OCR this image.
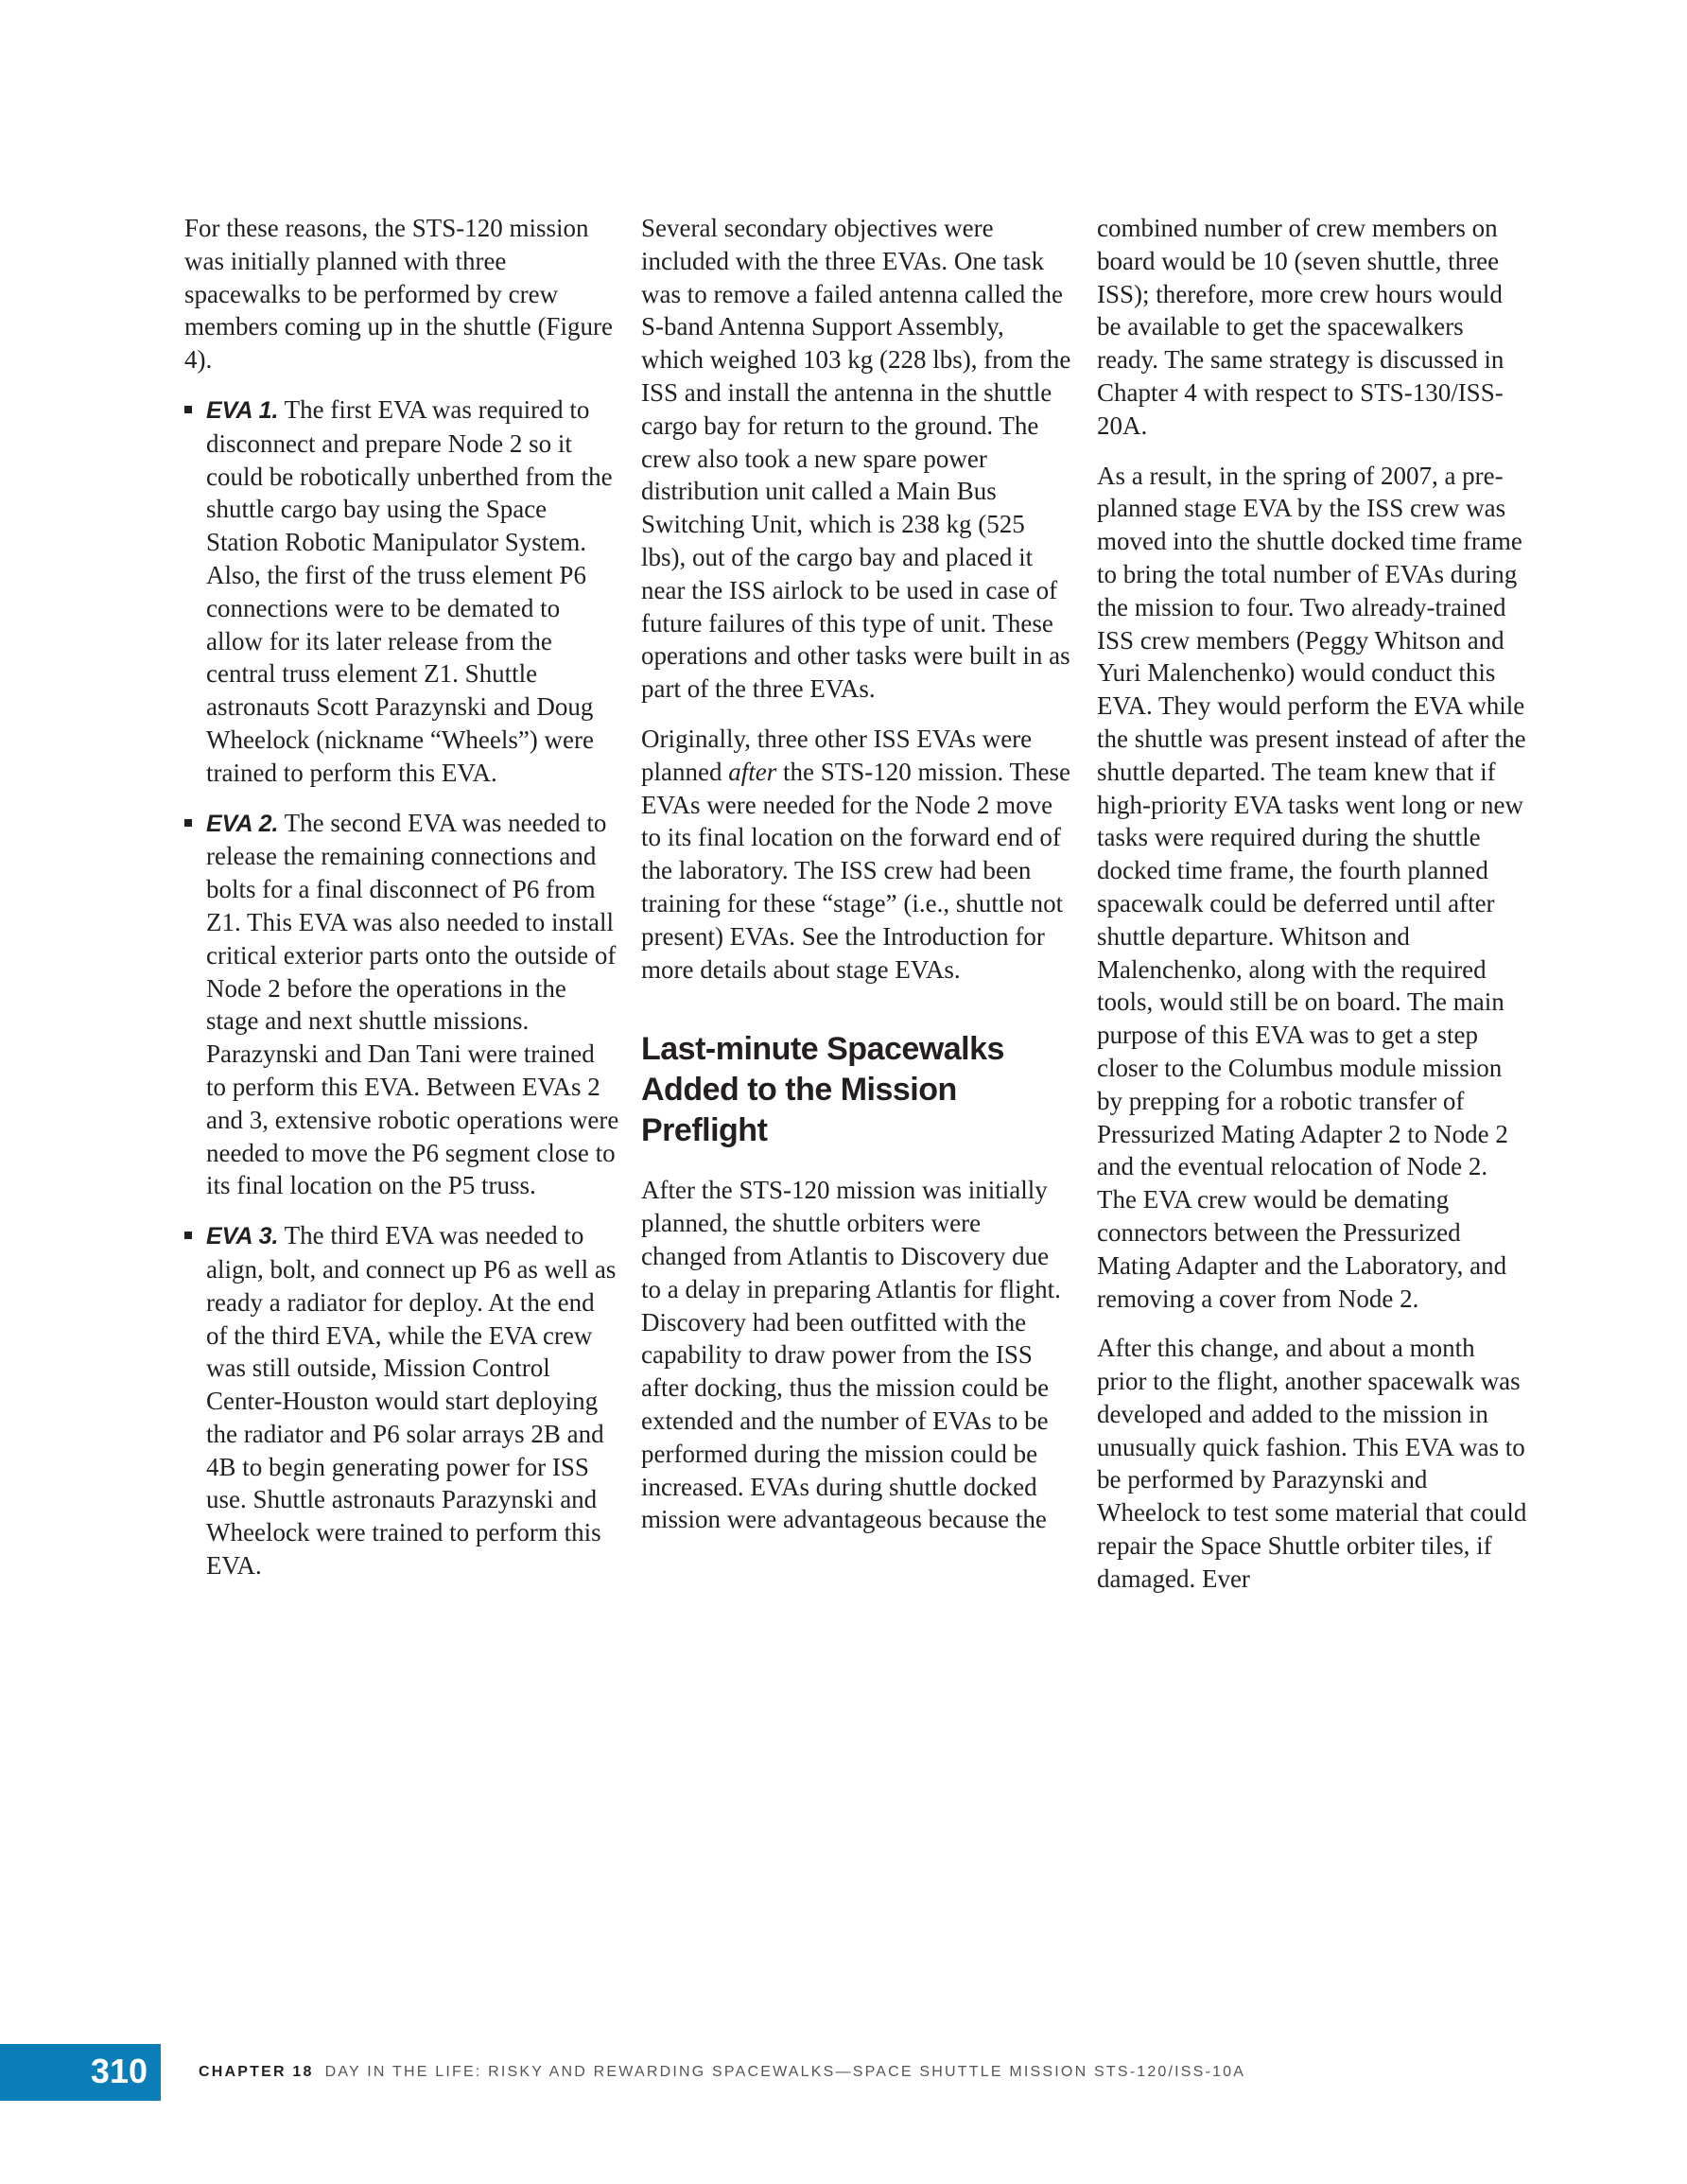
For these reasons, the STS-120 mission was initially planned with three spacewalks to be performed by crew members coming up in the shuttle (Figure 4).

EVA 1. The first EVA was required to disconnect and prepare Node 2 so it could be robotically unberthed from the shuttle cargo bay using the Space Station Robotic Manipulator System. Also, the first of the truss element P6 connections were to be demated to allow for its later release from the central truss element Z1. Shuttle astronauts Scott Parazynski and Doug Wheelock (nickname “Wheels”) were trained to perform this EVA.
EVA 2. The second EVA was needed to release the remaining connections and bolts for a final disconnect of P6 from Z1. This EVA was also needed to install critical exterior parts onto the outside of Node 2 before the operations in the stage and next shuttle missions. Parazynski and Dan Tani were trained to perform this EVA. Between EVAs 2 and 3, extensive robotic operations were needed to move the P6 segment close to its final location on the P5 truss.
EVA 3. The third EVA was needed to align, bolt, and connect up P6 as well as ready a radiator for deploy. At the end of the third EVA, while the EVA crew was still outside, Mission Control Center-Houston would start deploying the radiator and P6 solar arrays 2B and 4B to begin generating power for ISS use. Shuttle astronauts Parazynski and Wheelock were trained to perform this EVA.

Several secondary objectives were included with the three EVAs. One task was to remove a failed antenna called the S-band Antenna Support Assembly, which weighed 103 kg (228 lbs), from the ISS and install the antenna in the shuttle cargo bay for return to the ground. The crew also took a new spare power distribution unit called a Main Bus Switching Unit, which is 238 kg (525 lbs), out of the cargo bay and placed it near the ISS airlock to be used in case of future failures of this type of unit. These operations and other tasks were built in as part of the three EVAs.

Originally, three other ISS EVAs were planned after the STS-120 mission. These EVAs were needed for the Node 2 move to its final location on the forward end of the laboratory. The ISS crew had been training for these “stage” (i.e., shuttle not present) EVAs. See the Introduction for more details about stage EVAs.

Last-minute Spacewalks Added to the Mission Preflight

After the STS-120 mission was initially planned, the shuttle orbiters were changed from Atlantis to Discovery due to a delay in preparing Atlantis for flight. Discovery had been outfitted with the capability to draw power from the ISS after docking, thus the mission could be extended and the number of EVAs to be performed during the mission could be increased. EVAs during shuttle docked mission were advantageous because the

combined number of crew members on board would be 10 (seven shuttle, three ISS); therefore, more crew hours would be available to get the spacewalkers ready. The same strategy is discussed in Chapter 4 with respect to STS-130/ISS-20A.

As a result, in the spring of 2007, a pre-planned stage EVA by the ISS crew was moved into the shuttle docked time frame to bring the total number of EVAs during the mission to four. Two already-trained ISS crew members (Peggy Whitson and Yuri Malenchenko) would conduct this EVA. They would perform the EVA while the shuttle was present instead of after the shuttle departed. The team knew that if high-priority EVA tasks went long or new tasks were required during the shuttle docked time frame, the fourth planned spacewalk could be deferred until after shuttle departure. Whitson and Malenchenko, along with the required tools, would still be on board. The main purpose of this EVA was to get a step closer to the Columbus module mission by prepping for a robotic transfer of Pressurized Mating Adapter 2 to Node 2 and the eventual relocation of Node 2. The EVA crew would be demating connectors between the Pressurized Mating Adapter and the Laboratory, and removing a cover from Node 2.

After this change, and about a month prior to the flight, another spacewalk was developed and added to the mission in unusually quick fashion. This EVA was to be performed by Parazynski and Wheelock to test some material that could repair the Space Shuttle orbiter tiles, if damaged. Ever

310	CHAPTER 18 DAY IN THE LIFE: RISKY AND REWARDING SPACEWALKS—SPACE SHUTTLE MISSION STS-120/ISS-10A
